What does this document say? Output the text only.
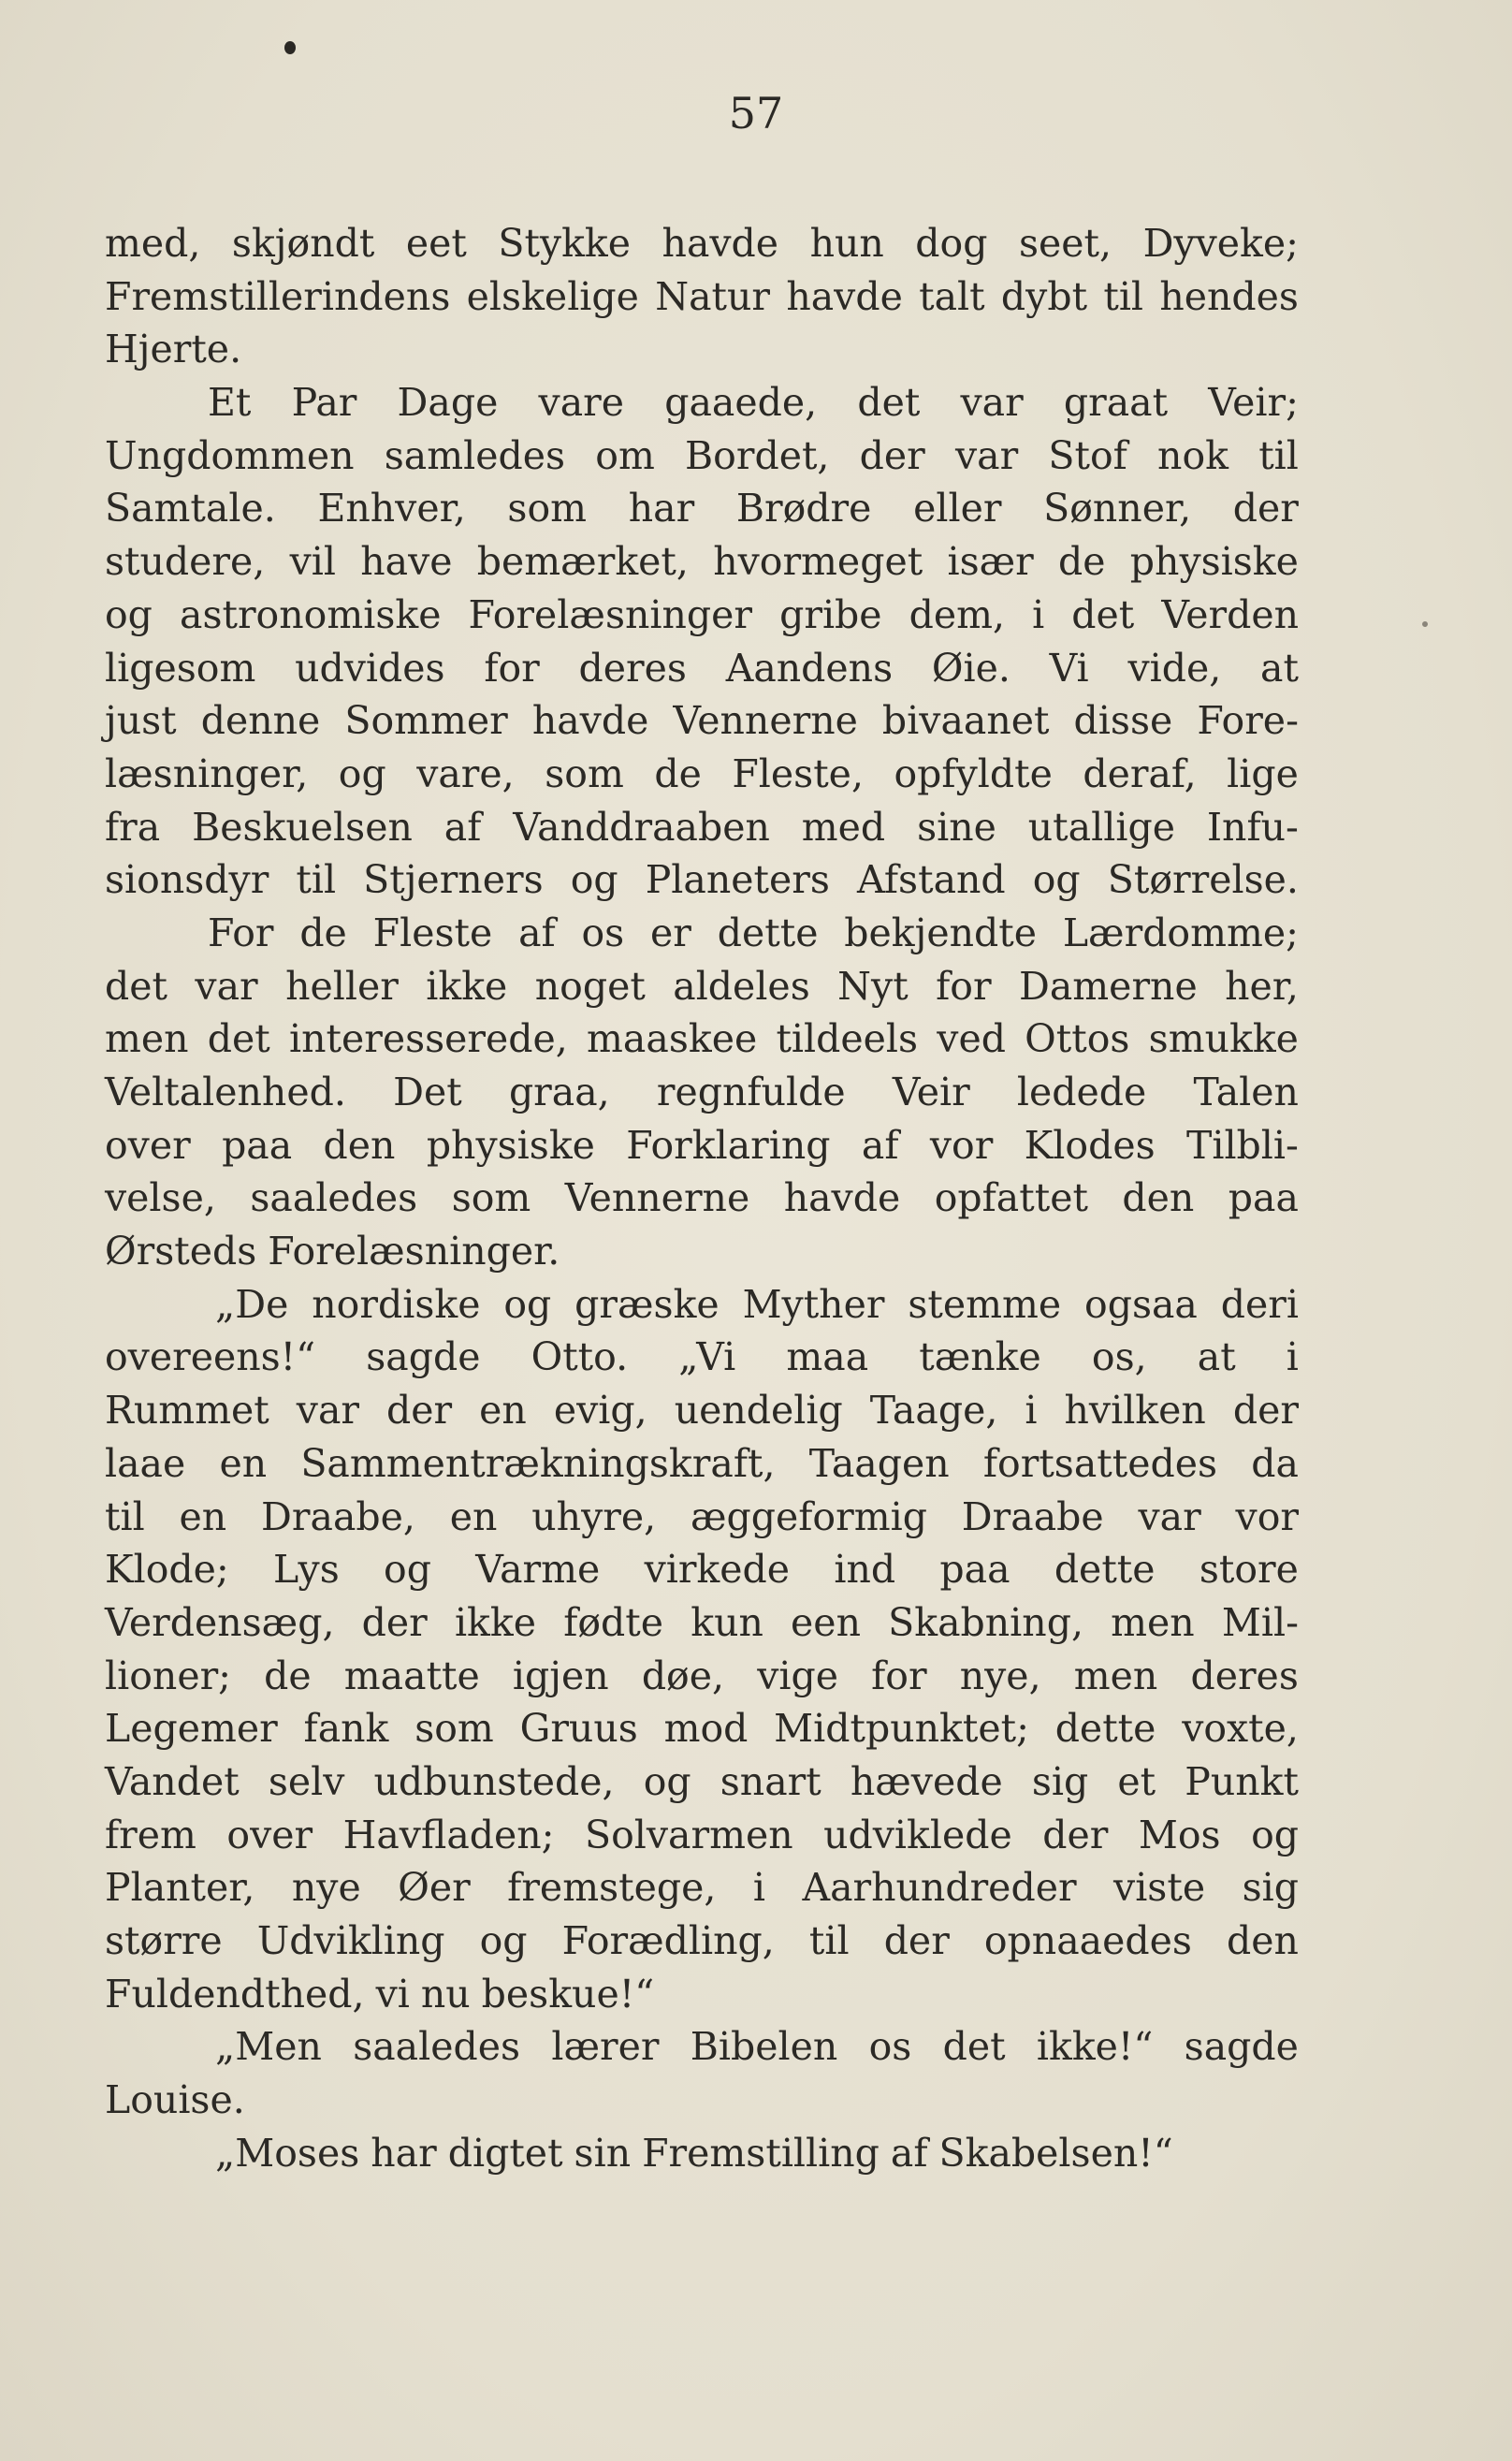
57
med, skjøndt eet Stykke havde hun dog seet, Dyveke;
Fremstillerindens elskelige Natur havde talt dybt til hendes
Hjerte.
Et Par Dage vare gaaede, det var graat Veir;
Ungdommen samledes om Bordet, der var Stof nok til
Samtale. Enhver, som har Brødre eller Sønner, der
studere, vil have bemærket, hvormeget især de physiske
og astronomiske Forelæsninger gribe dem, i det Verden
ligesom udvides for deres Aandens Øie. Vi vide, at
just denne Sommer havde Vennerne bivaanet disse Fore-
læsninger, og vare, som de Fleste, opfyldte deraf, lige
fra Beskuelsen af Vanddraaben med sine utallige Infu-
sionsdyr til Stjerners og Planeters Afstand og Størrelse.
For de Fleste af os er dette bekjendte Lærdomme;
det var heller ikke noget aldeles Nyt for Damerne her,
men det interesserede, maaskee tildeels ved Ottos smukke
Veltalenhed. Det graa, regnfulde Veir ledede Talen
over paa den physiske Forklaring af vor Klodes Tilbli-
velse, saaledes som Vennerne havde opfattet den paa
Ørsteds Forelæsninger.
„De nordiske og græske Myther stemme ogsaa deri
overeens!“ sagde Otto. „Vi maa tænke os, at i
Rummet var der en evig, uendelig Taage, i hvilken der
laae en Sammentrækningskraft, Taagen fortsattedes da
til en Draabe, en uhyre, æggeformig Draabe var vor
Klode; Lys og Varme virkede ind paa dette store
Verdensæg, der ikke fødte kun een Skabning, men Mil-
lioner; de maatte igjen døe, vige for nye, men deres
Legemer fank som Gruus mod Midtpunktet; dette voxte,
Vandet selv udbunstede, og snart hævede sig et Punkt
frem over Havfladen; Solvarmen udviklede der Mos og
Planter, nye Øer fremstege, i Aarhundreder viste sig
større Udvikling og Forædling, til der opnaaedes den
Fuldendthed, vi nu beskue!“
„Men saaledes lærer Bibelen os det ikke!“ sagde
Louise.
„Moses har digtet sin Fremstilling af Skabelsen!“
